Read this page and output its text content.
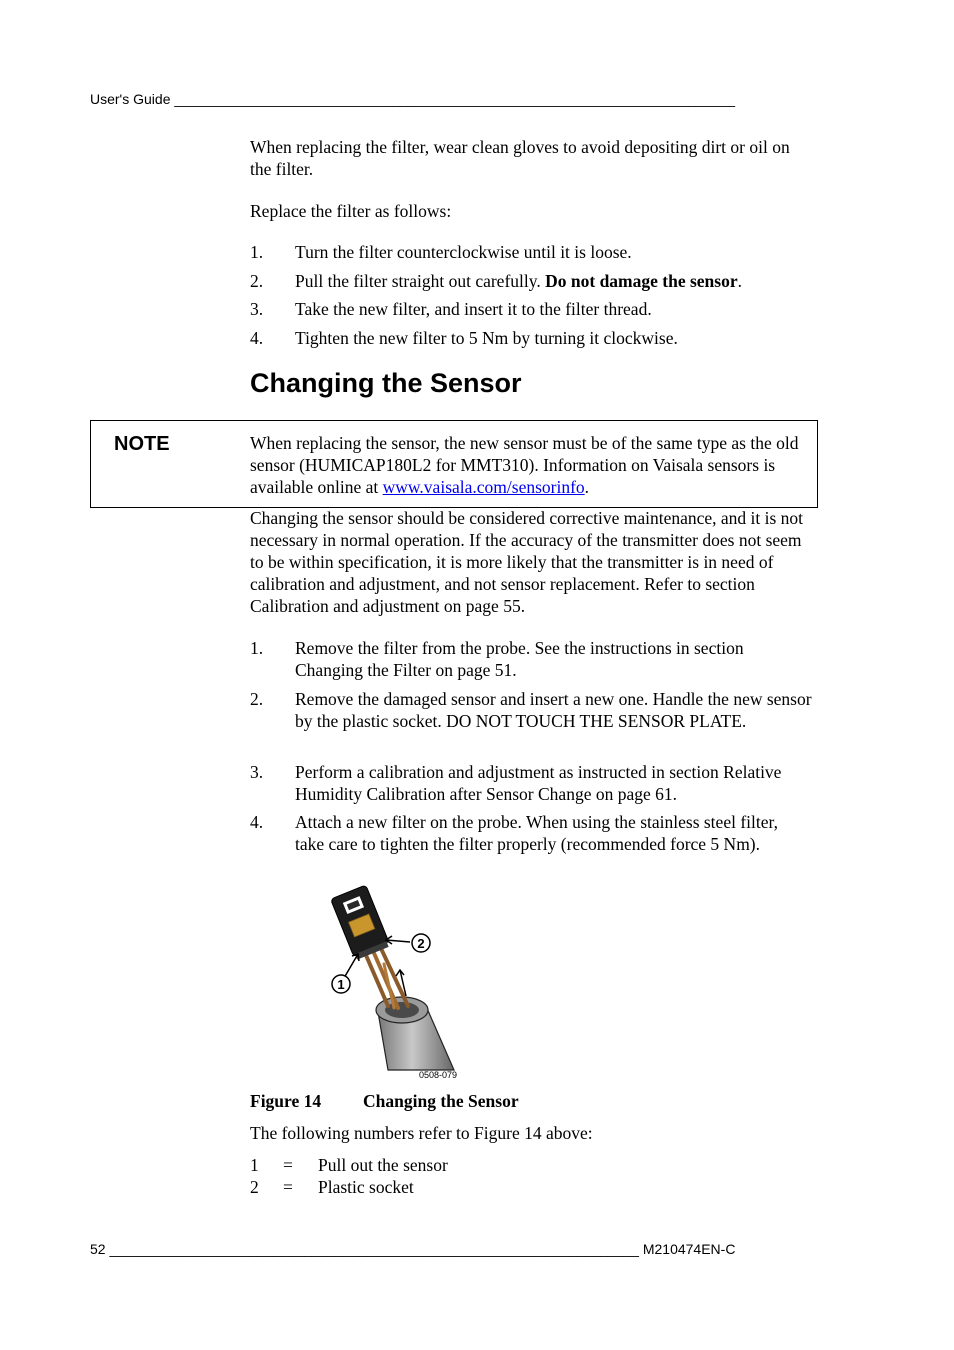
User's Guide ________________________________________________________________________
When replacing the filter, wear clean gloves to avoid depositing dirt or oil on the filter.
Replace the filter as follows:
1. Turn the filter counterclockwise until it is loose.
2. Pull the filter straight out carefully. Do not damage the sensor.
3. Take the new filter, and insert it to the filter thread.
4. Tighten the new filter to 5 Nm by turning it clockwise.
Changing the Sensor
NOTE	When replacing the sensor, the new sensor must be of the same type as the old sensor (HUMICAP180L2 for MMT310). Information on Vaisala sensors is available online at www.vaisala.com/sensorinfo.
Changing the sensor should be considered corrective maintenance, and it is not necessary in normal operation. If the accuracy of the transmitter does not seem to be within specification, it is more likely that the transmitter is in need of calibration and adjustment, and not sensor replacement. Refer to section Calibration and adjustment on page 55.
1. Remove the filter from the probe. See the instructions in section Changing the Filter on page 51.
2. Remove the damaged sensor and insert a new one. Handle the new sensor by the plastic socket. DO NOT TOUCH THE SENSOR PLATE.
3. Perform a calibration and adjustment as instructed in section Relative Humidity Calibration after Sensor Change on page 61.
4. Attach a new filter on the probe. When using the stainless steel filter, take care to tighten the filter properly (recommended force 5 Nm).
1
2
0508-079
Figure 14 Changing the Sensor
The following numbers refer to Figure 14 above:
1 = Pull out the sensor
2 = Plastic socket
52 ____________________________________________________________________ M210474EN-C
